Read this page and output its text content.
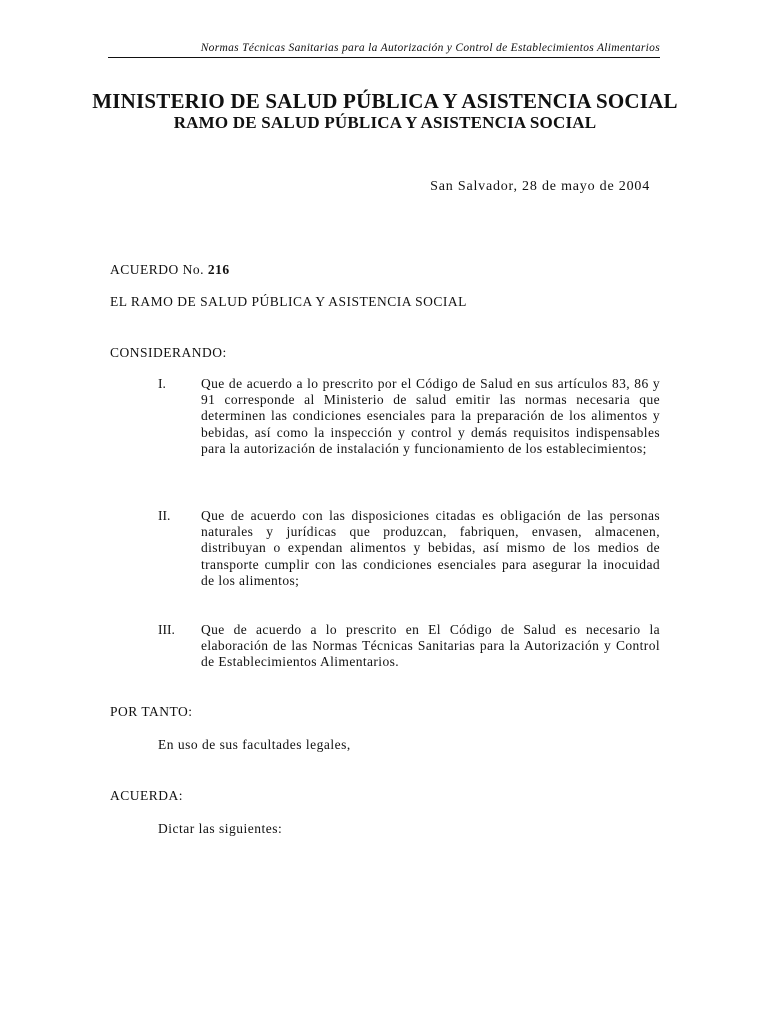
Normas Técnicas Sanitarias para la Autorización y Control de Establecimientos Alimentarios
MINISTERIO DE SALUD PÚBLICA Y ASISTENCIA SOCIAL
RAMO DE SALUD PÚBLICA Y ASISTENCIA SOCIAL
San Salvador, 28 de mayo de 2004
ACUERDO No. 216
EL RAMO DE SALUD PÚBLICA Y ASISTENCIA SOCIAL
CONSIDERANDO:
I.	Que de acuerdo a lo prescrito por el Código de Salud en sus artículos 83, 86 y 91 corresponde al Ministerio de salud emitir las normas necesaria que determinen las condiciones esenciales para la preparación de los alimentos y bebidas, así como la inspección y control y demás requisitos indispensables para la autorización de instalación y funcionamiento de los establecimientos;
II. Que de acuerdo con las disposiciones citadas es obligación de las personas naturales y jurídicas que produzcan, fabriquen, envasen, almacenen, distribuyan o expendan alimentos y bebidas, así mismo de los medios de transporte cumplir con las condiciones esenciales para asegurar la inocuidad de los alimentos;
III. Que de acuerdo a lo prescrito en El Código de Salud es necesario la elaboración de las Normas Técnicas Sanitarias para la Autorización y Control de Establecimientos Alimentarios.
POR TANTO:
En uso de sus facultades legales,
ACUERDA:
Dictar las siguientes:
